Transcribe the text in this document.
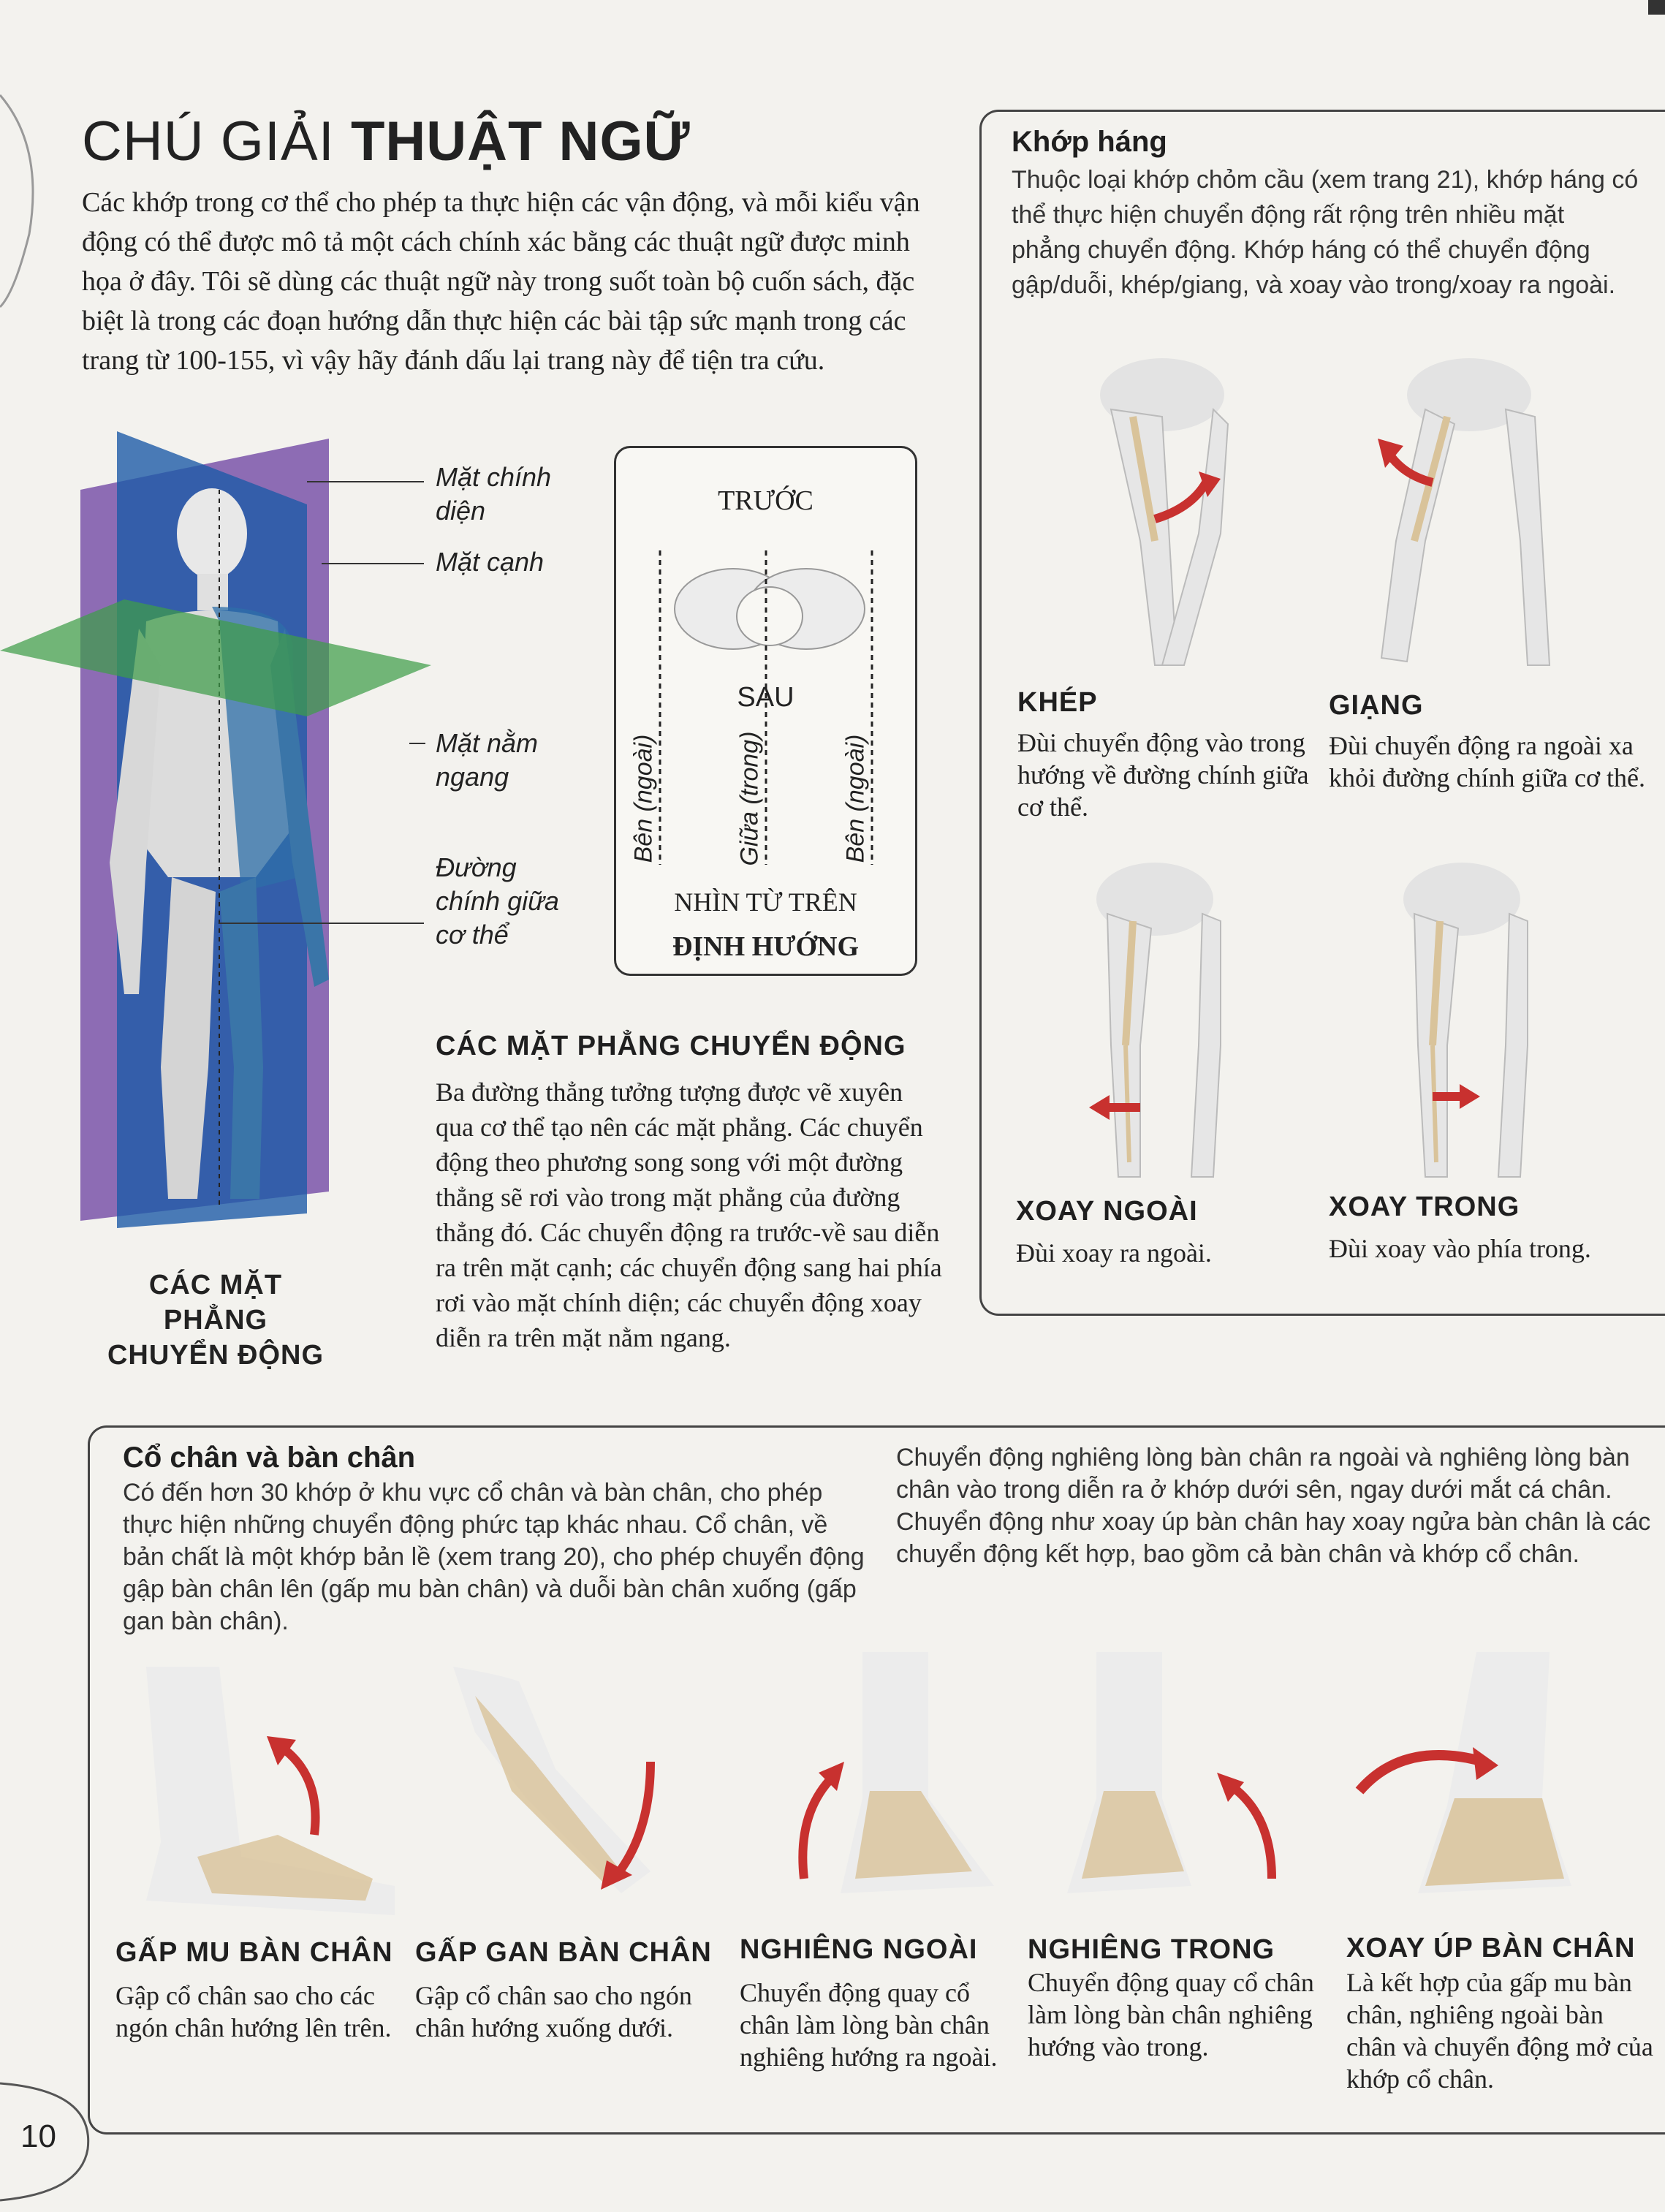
CHÚ GIẢI THUẬT NGỮ
Các khớp trong cơ thể cho phép ta thực hiện các vận động, và mỗi kiểu vận động có thể được mô tả một cách chính xác bằng các thuật ngữ được minh họa ở đây. Tôi sẽ dùng các thuật ngữ này trong suốt toàn bộ cuốn sách, đặc biệt là trong các đoạn hướng dẫn thực hiện các bài tập sức mạnh trong các trang từ 100-155, vì vậy hãy đánh dấu lại trang này để tiện tra cứu.
Mặt chính diện
Mặt cạnh
Mặt nằm ngang
Đường chính giữa cơ thể
CÁC MẶT PHẲNG
CHUYỂN ĐỘNG
TRƯỚC
SAU
Bên (ngoài)	Giữa (trong)	Bên (ngoài)
NHÌN TỪ TRÊN
ĐỊNH HƯỚNG
CÁC MẶT PHẲNG CHUYỂN ĐỘNG
Ba đường thẳng tưởng tượng được vẽ xuyên qua cơ thể tạo nên các mặt phẳng. Các chuyển động theo phương song song với một đường thẳng sẽ rơi vào trong mặt phẳng của đường thẳng đó. Các chuyển động ra trước-về sau diễn ra trên mặt cạnh; các chuyển động sang hai phía rơi vào mặt chính diện; các chuyển động xoay diễn ra trên mặt nằm ngang.
Khớp háng
Thuộc loại khớp chỏm cầu (xem trang 21), khớp háng có thể thực hiện chuyển động rất rộng trên nhiều mặt phẳng chuyển động. Khớp háng có thể chuyển động gập/duỗi, khép/giang, và xoay vào trong/xoay ra ngoài.
KHÉP
Đùi chuyển động vào trong hướng về đường chính giữa cơ thể.
GIẠNG
Đùi chuyển động ra ngoài xa khỏi đường chính giữa cơ thể.
XOAY NGOÀI
Đùi xoay ra ngoài.
XOAY TRONG
Đùi xoay vào phía trong.
Cổ chân và bàn chân
Có đến hơn 30 khớp ở khu vực cổ chân và bàn chân, cho phép thực hiện những chuyển động phức tạp khác nhau. Cổ chân, về bản chất là một khớp bản lề (xem trang 20), cho phép chuyển động gập bàn chân lên (gấp mu bàn chân) và duỗi bàn chân xuống (gấp gan bàn chân).
Chuyển động nghiêng lòng bàn chân ra ngoài và nghiêng lòng bàn chân vào trong diễn ra ở khớp dưới sên, ngay dưới mắt cá chân. Chuyển động như xoay úp bàn chân hay xoay ngửa bàn chân là các chuyển động kết hợp, bao gồm cả bàn chân và khớp cổ chân.
GẤP MU BÀN CHÂN
Gập cổ chân sao cho các ngón chân hướng lên trên.
GẤP GAN BÀN CHÂN
Gập cổ chân sao cho ngón chân hướng xuống dưới.
NGHIÊNG NGOÀI
Chuyển động quay cổ chân làm lòng bàn chân nghiêng hướng ra ngoài.
NGHIÊNG TRONG
Chuyển động quay cổ chân làm lòng bàn chân nghiêng hướng vào trong.
XOAY ÚP BÀN CHÂN
Là kết hợp của gấp mu bàn chân, nghiêng ngoài bàn chân và chuyển động mở của khớp cổ chân.
10
